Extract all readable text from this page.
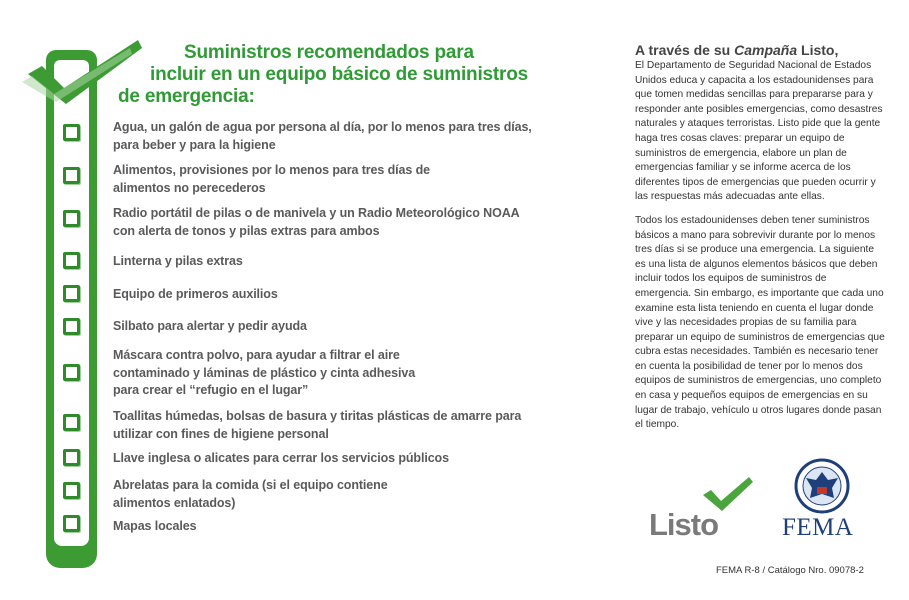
Suministros recomendados para
incluir en un equipo básico de suministros
de emergencia:
Agua, un galón de agua por persona al día, por lo menos para tres días,
para beber y para la higiene
Alimentos, provisiones por lo menos para tres días de
alimentos no perecederos
Radio portátil de pilas o de manivela y un Radio Meteorológico NOAA
con alerta de tonos y pilas extras para ambos
Linterna y pilas extras
Equipo de primeros auxilios
Silbato para alertar y pedir ayuda
Máscara contra polvo, para ayudar a filtrar el aire
contaminado y láminas de plástico y cinta adhesiva
para crear el “refugio en el lugar”
Toallitas húmedas, bolsas de basura y tiritas plásticas de amarre para
utilizar con fines de higiene personal
Llave inglesa o alicates para cerrar los servicios públicos
Abrelatas para la comida (si el equipo contiene
alimentos enlatados)
Mapas locales
A través de su Campaña Listo,

El Departamento de Seguridad Nacional de Estados Unidos educa y capacita a los estadounidenses para que tomen medidas sencillas para prepararse para y responder ante posibles emergencias, como desastres naturales y ataques terroristas. Listo pide que la gente haga tres cosas claves: preparar un equipo de suministros de emergencia, elabore un plan de emergencias familiar y se informe acerca de los diferentes tipos de emergencias que pueden ocurrir y las respuestas más adecuadas ante ellas.

Todos los estadounidenses deben tener suministros básicos a mano para sobrevivir durante por lo menos tres días si se produce una emergencia. La siguiente es una lista de algunos elementos básicos que deben incluir todos los equipos de suministros de emergencia. Sin embargo, es importante que cada uno examine esta lista teniendo en cuenta el lugar donde vive y las necesidades propias de su familia para preparar un equipo de suministros de emergencias que cubra estas necesidades. También es necesario tener en cuenta la posibilidad de tener por lo menos dos equipos de suministros de emergencias, uno completo en casa y pequeños equipos de emergencias en su lugar de trabajo, vehículo u otros lugares donde pasan el tiempo.

Listo	FEMA
FEMA R-8 / Catálogo Nro. 09078-2
